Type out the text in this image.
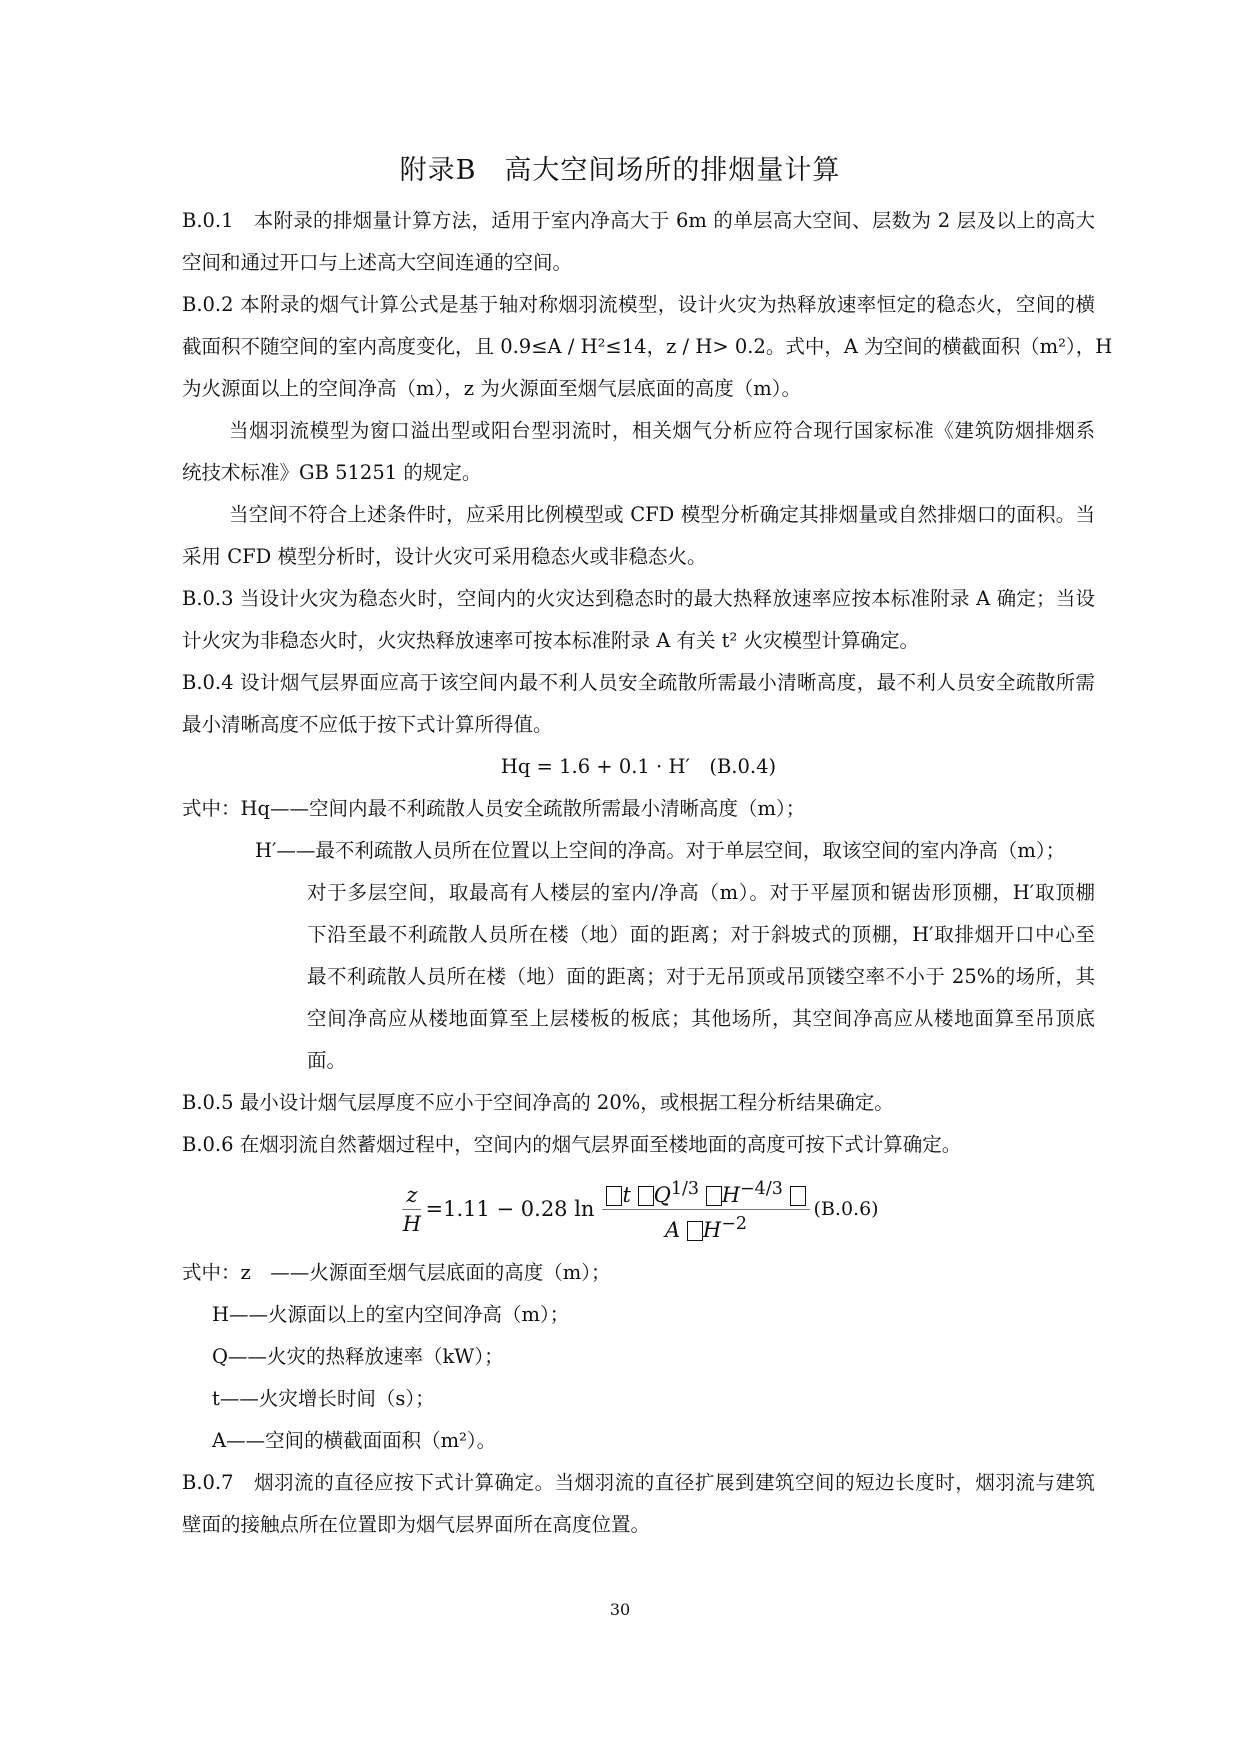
附录B　高大空间场所的排烟量计算
B.0.1　本附录的排烟量计算方法，适用于室内净高大于 6m 的单层高大空间、层数为 2 层及以上的高大
空间和通过开口与上述高大空间连通的空间。
B.0.2 本附录的烟气计算公式是基于轴对称烟羽流模型，设计火灾为热释放速率恒定的稳态火，空间的横
截面积不随空间的室内高度变化，且 0.9≤A / H²≤14，z / H> 0.2。式中，A 为空间的横截面积（m²），H
为火源面以上的空间净高（m），z 为火源面至烟气层底面的高度（m）。
当烟羽流模型为窗口溢出型或阳台型羽流时，相关烟气分析应符合现行国家标准《建筑防烟排烟系
统技术标准》GB 51251 的规定。
当空间不符合上述条件时，应采用比例模型或 CFD 模型分析确定其排烟量或自然排烟口的面积。当
采用 CFD 模型分析时，设计火灾可采用稳态火或非稳态火。
B.0.3 当设计火灾为稳态火时，空间内的火灾达到稳态时的最大热释放速率应按本标准附录 A 确定；当设
计火灾为非稳态火时，火灾热释放速率可按本标准附录 A 有关 t² 火灾模型计算确定。
B.0.4 设计烟气层界面应高于该空间内最不利人员安全疏散所需最小清晰高度，最不利人员安全疏散所需
最小清晰高度不应低于按下式计算所得值。
Hq = 1.6 + 0.1 · H′　(B.0.4)
式中：Hq——空间内最不利疏散人员安全疏散所需最小清晰高度（m）；
H′——最不利疏散人员所在位置以上空间的净高。对于单层空间，取该空间的室内净高（m）；
对于多层空间，取最高有人楼层的室内/净高（m）。对于平屋顶和锯齿形顶棚，H′取顶棚
下沿至最不利疏散人员所在楼（地）面的距离；对于斜坡式的顶棚，H′取排烟开口中心至
最不利疏散人员所在楼（地）面的距离；对于无吊顶或吊顶镂空率不小于 25%的场所，其
空间净高应从楼地面算至上层楼板的板底；其他场所，其空间净高应从楼地面算至吊顶底
面。
B.0.5 最小设计烟气层厚度不应小于空间净高的 20%，或根据工程分析结果确定。
B.0.6 在烟羽流自然蓄烟过程中，空间内的烟气层界面至楼地面的高度可按下式计算确定。
$\frac{z}{H} =1.11 - 0.28$ $\ln \frac{t Q^{1/3} H^{-4/3}}{A H^{-2}} (B.0.6)$
式中：z　——火源面至烟气层底面的高度（m）；
H——火源面以上的室内空间净高（m）；
Q——火灾的热释放速率（kW）；
t——火灾增长时间（s）；
A——空间的横截面面积（m²）。
B.0.7　烟羽流的直径应按下式计算确定。当烟羽流的直径扩展到建筑空间的短边长度时，烟羽流与建筑
壁面的接触点所在位置即为烟气层界面所在高度位置。
30
